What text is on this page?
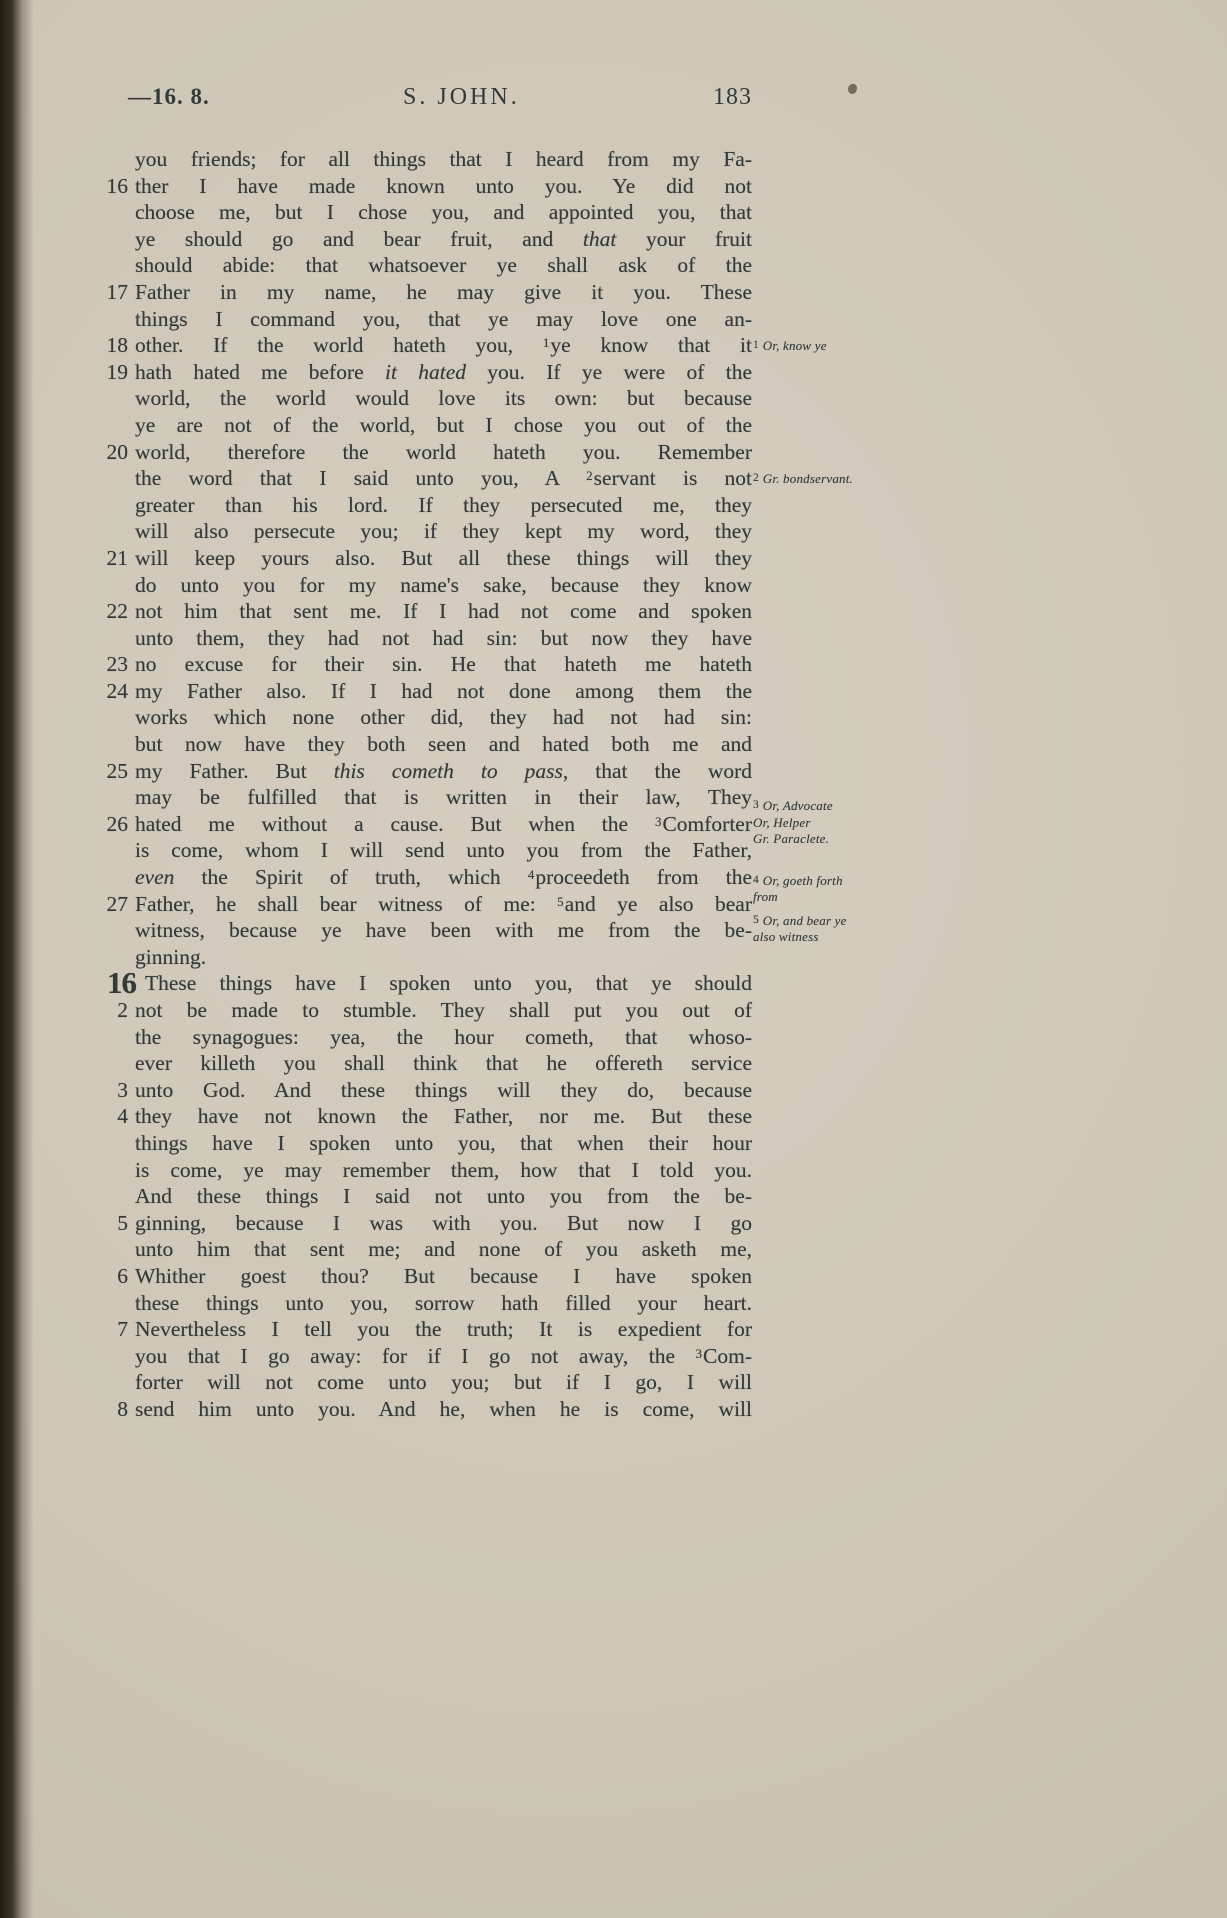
—16. 8.	S. JOHN.	183
you friends; for all things that I heard from my Fa-
16 ther I have made known unto you. Ye did not
choose me, but I chose you, and appointed you, that
ye should go and bear fruit, and that your fruit
should abide: that whatsoever ye shall ask of the
17 Father in my name, he may give it you. These
things I command you, that ye may love one an-
18 other. If the world hateth you, $^1$ye know that it
19 hath hated me before it hated you. If ye were of the
world, the world would love its own: but because
ye are not of the world, but I chose you out of the
20 world, therefore the world hateth you. Remember
the word that I said unto you, A $^2$servant is not
greater than his lord. If they persecuted me, they
will also persecute you; if they kept my word, they
21 will keep yours also. But all these things will they
do unto you for my name's sake, because they know
22 not him that sent me. If I had not come and spoken
unto them, they had not had sin: but now they have
23 no excuse for their sin. He that hateth me hateth
24 my Father also. If I had not done among them the
works which none other did, they had not had sin:
but now have they both seen and hated both me and
25 my Father. But this cometh to pass, that the word
may be fulfilled that is written in their law, They
26 hated me without a cause. But when the $^3$Comforter
is come, whom I will send unto you from the Father,
even the Spirit of truth, which $^4$proceedeth from the
27 Father, he shall bear witness of me: $^5$and ye also bear
witness, because ye have been with me from the be-
ginning.
16 These things have I spoken unto you, that ye should
2 not be made to stumble. They shall put you out of
the synagogues: yea, the hour cometh, that whoso-
ever killeth you shall think that he offereth service
3 unto God. And these things will they do, because
4 they have not known the Father, nor me. But these
things have I spoken unto you, that when their hour
is come, ye may remember them, how that I told you.
And these things I said not unto you from the be-
5 ginning, because I was with you. But now I go
unto him that sent me; and none of you asketh me,
6 Whither goest thou? But because I have spoken
these things unto you, sorrow hath filled your heart.
7 Nevertheless I tell you the truth; It is expedient for
you that I go away: for if I go not away, the $^3$Com-
forter will not come unto you; but if I go, I will
8 send him unto you. And he, when he is come, will
1 Or, know ye
2 Gr. bondservant.
3 Or, Advocate
Or, Helper
Gr. Paraclete.
4 Or, goeth forth
from
5 Or, and bear ye
also witness
